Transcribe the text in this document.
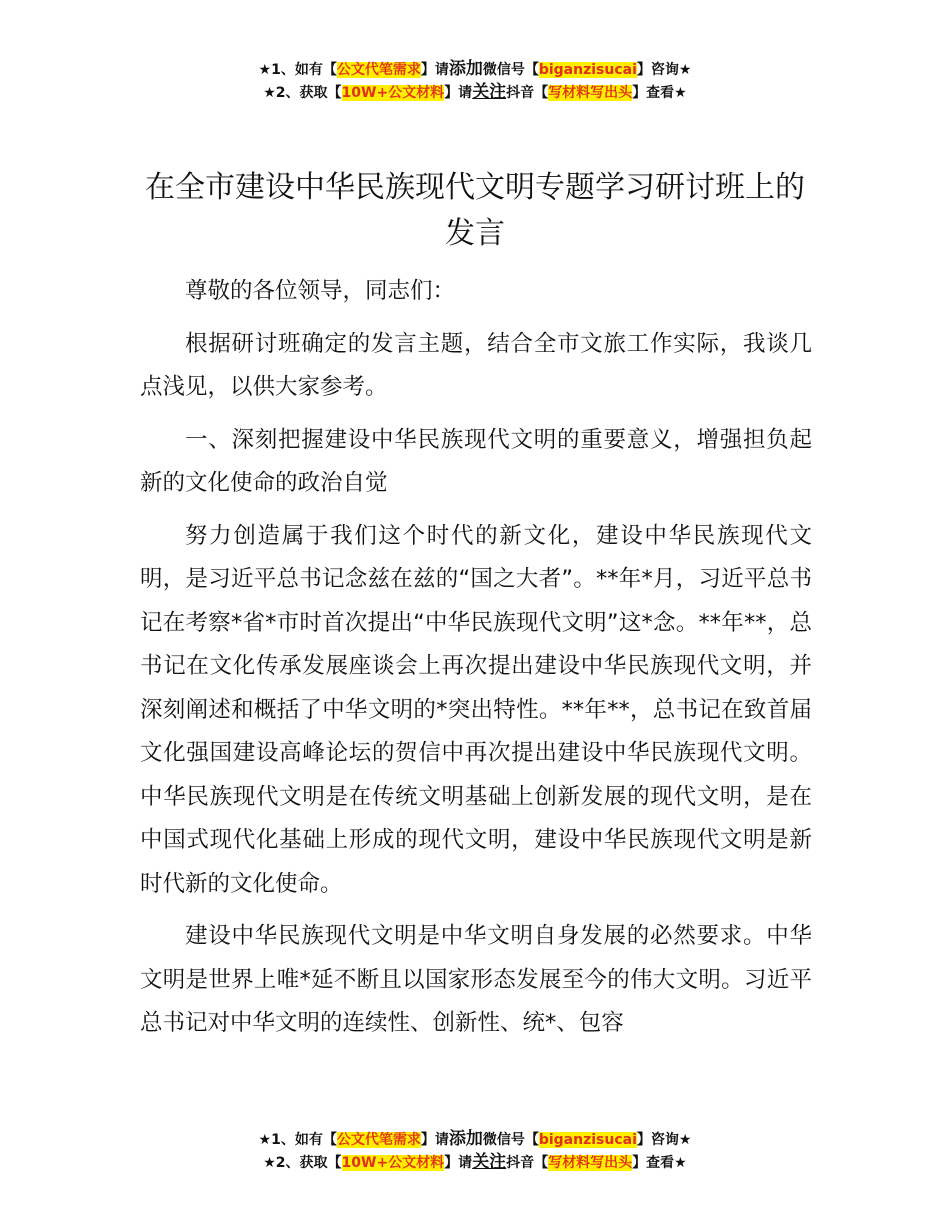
★1、如有【公文代笔需求】请添加微信号【biganzisucai】咨询★
★2、获取【10W+公文材料】请关注抖音【写材料写出头】查看★
在全市建设中华民族现代文明专题学习研讨班上的发言

尊敬的各位领导，同志们：

根据研讨班确定的发言主题，结合全市文旅工作实际，我谈几点浅见，以供大家参考。

一、深刻把握建设中华民族现代文明的重要意义，增强担负起新的文化使命的政治自觉

努力创造属于我们这个时代的新文化，建设中华民族现代文明，是习近平总书记念兹在兹的“国之大者”。**年*月，习近平总书记在考察*省*市时首次提出“中华民族现代文明”这*念。**年**，总书记在文化传承发展座谈会上再次提出建设中华民族现代文明，并深刻阐述和概括了中华文明的*突出特性。**年**，总书记在致首届文化强国建设高峰论坛的贺信中再次提出建设中华民族现代文明。中华民族现代文明是在传统文明基础上创新发展的现代文明，是在中国式现代化基础上形成的现代文明，建设中华民族现代文明是新时代新的文化使命。

建设中华民族现代文明是中华文明自身发展的必然要求。中华文明是世界上唯*延不断且以国家形态发展至今的伟大文明。习近平总书记对中华文明的连续性、创新性、统*、包容

★1、如有【公文代笔需求】请添加微信号【biganzisucai】咨询★
★2、获取【10W+公文材料】请关注抖音【写材料写出头】查看★
